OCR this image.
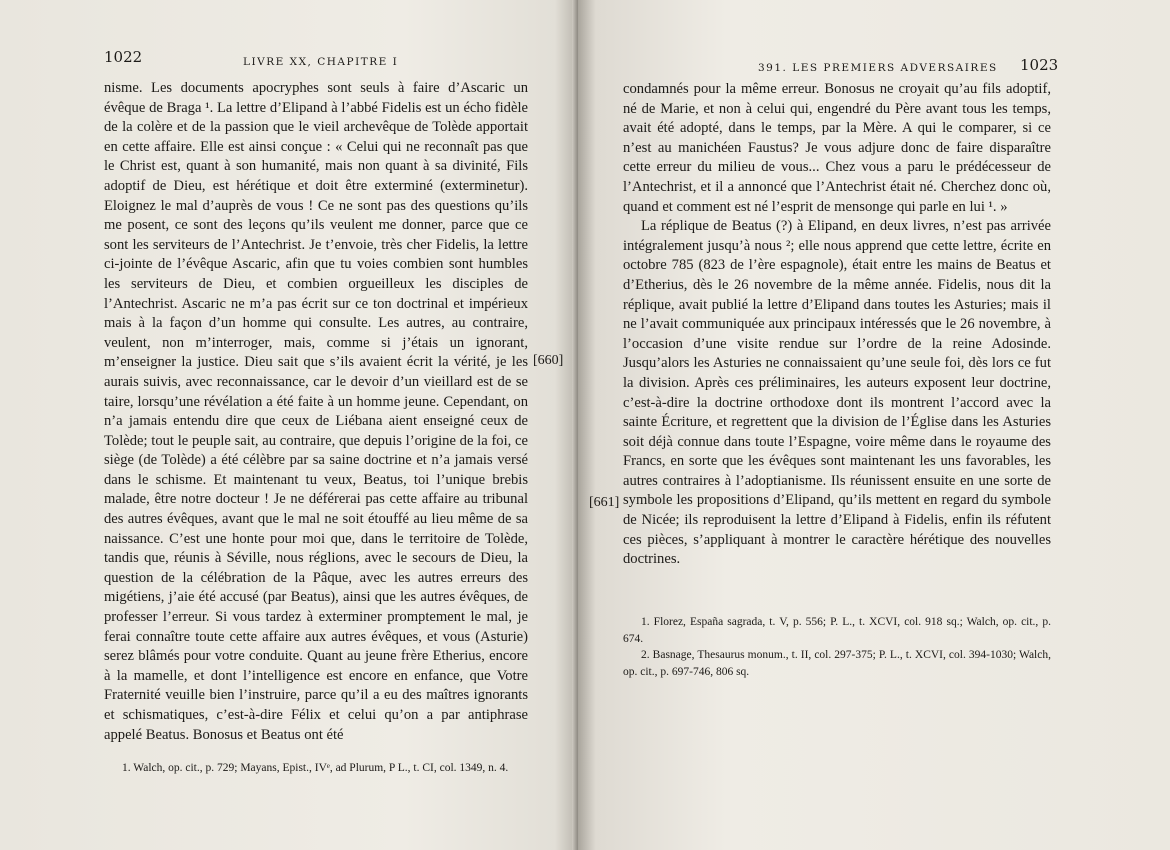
1022	LIVRE XX, CHAPITRE I

nisme. Les documents apocryphes sont seuls à faire d’Ascaric un évêque de Braga ¹. La lettre d’Elipand à l’abbé Fidelis est un écho fidèle de la colère et de la passion que le vieil archevêque de Tolède apportait en cette affaire. Elle est ainsi conçue : « Celui qui ne reconnaît pas que le Christ est, quant à son humanité, mais non quant à sa divinité, Fils adoptif de Dieu, est hérétique et doit être exterminé (exterminetur). Eloignez le mal d’auprès de vous ! Ce ne sont pas des questions qu’ils me posent, ce sont des leçons qu’ils veulent me donner, parce que ce sont les serviteurs de l’Antechrist. Je t’envoie, très cher Fidelis, la lettre ci-jointe de l’évêque Ascaric, afin que tu voies combien sont humbles les serviteurs de Dieu, et combien orgueilleux les disciples de l’Antechrist. Ascaric ne m’a pas écrit sur ce ton doctrinal et impérieux mais à la façon d’un homme qui consulte. Les autres, au contraire, veulent, non m’interroger, mais, comme si j’étais un ignorant, m’enseigner la justice. Dieu sait que s’ils avaient écrit la vérité, je les aurais suivis, avec reconnaissance, car le devoir d’un vieillard est de se taire, lorsqu’une révélation a été faite à un homme jeune. Cependant, on n’a jamais entendu dire que ceux de Liébana aient enseigné ceux de Tolède; tout le peuple sait, au contraire, que depuis l’origine de la foi, ce siège (de Tolède) a été célèbre par sa saine doctrine et n’a jamais versé dans le schisme. Et maintenant tu veux, Beatus, toi l’unique brebis malade, être notre docteur ! Je ne déférerai pas cette affaire au tribunal des autres évêques, avant que le mal ne soit étouffé au lieu même de sa naissance. C’est une honte pour moi que, dans le territoire de Tolède, tandis que, réunis à Séville, nous réglions, avec le secours de Dieu, la question de la célébration de la Pâque, avec les autres erreurs des migétiens, j’aie été accusé (par Beatus), ainsi que les autres évêques, de professer l’erreur. Si vous tardez à exterminer promptement le mal, je ferai connaître toute cette affaire aux autres évêques, et vous (Asturie) serez blâmés pour votre conduite. Quant au jeune frère Etherius, encore à la mamelle, et dont l’intelligence est encore en enfance, que Votre Fraternité veuille bien l’instruire, parce qu’il a eu des maîtres ignorants et schismatiques, c’est-à-dire Félix et celui qu’on a par antiphrase appelé Beatus. Bonosus et Beatus ont été

1. Walch, op. cit., p. 729; Mayans, Epist., IVᵉ, ad Plurum, P L., t. CI, col. 1349, n. 4.

391. LES PREMIERS ADVERSAIRES 1023

condamnés pour la même erreur. Bonosus ne croyait qu’au fils adoptif, né de Marie, et non à celui qui, engendré du Père avant tous les temps, avait été adopté, dans le temps, par la Mère. A qui le comparer, si ce n’est au manichéen Faustus? Je vous adjure donc de faire disparaître cette erreur du milieu de vous... Chez vous a paru le prédécesseur de l’Antechrist, et il a annoncé que l’Antechrist était né. Cherchez donc où, quand et comment est né l’esprit de mensonge qui parle en lui ¹. »

La réplique de Beatus (?) à Elipand, en deux livres, n’est pas arrivée intégralement jusqu’à nous ²; elle nous apprend que cette lettre, écrite en octobre 785 (823 de l’ère espagnole), était entre les mains de Beatus et d’Etherius, dès le 26 novembre de la même année. Fidelis, nous dit la réplique, avait publié la lettre d’Elipand dans toutes les Asturies; mais il ne l’avait communiquée aux principaux intéressés que le 26 novembre, à l’occasion d’une visite rendue sur l’ordre de la reine Adosinde. Jusqu’alors les Asturies ne connaissaient qu’une seule foi, dès lors ce fut la division. Après ces préliminaires, les auteurs exposent leur doctrine, c’est-à-dire la doctrine orthodoxe dont ils montrent l’accord avec la sainte Écriture, et regrettent que la division de l’Église dans les Asturies soit déjà connue dans toute l’Espagne, voire même dans le royaume des Francs, en sorte que les évêques sont maintenant les uns favorables, les autres contraires à l’adoptianisme. Ils réunissent ensuite en une sorte de symbole les propositions d’Elipand, qu’ils mettent en regard du symbole de Nicée; ils reproduisent la lettre d’Elipand à Fidelis, enfin ils réfutent ces pièces, s’appliquant à montrer le caractère hérétique des nouvelles doctrines.

1. Florez, España sagrada, t. V, p. 556; P. L., t. XCVI, col. 918 sq.; Walch, op. cit., p. 674.

2. Basnage, Thesaurus monum., t. II, col. 297-375; P. L., t. XCVI, col. 394-1030; Walch, op. cit., p. 697-746, 806 sq.

[660]
[661]
